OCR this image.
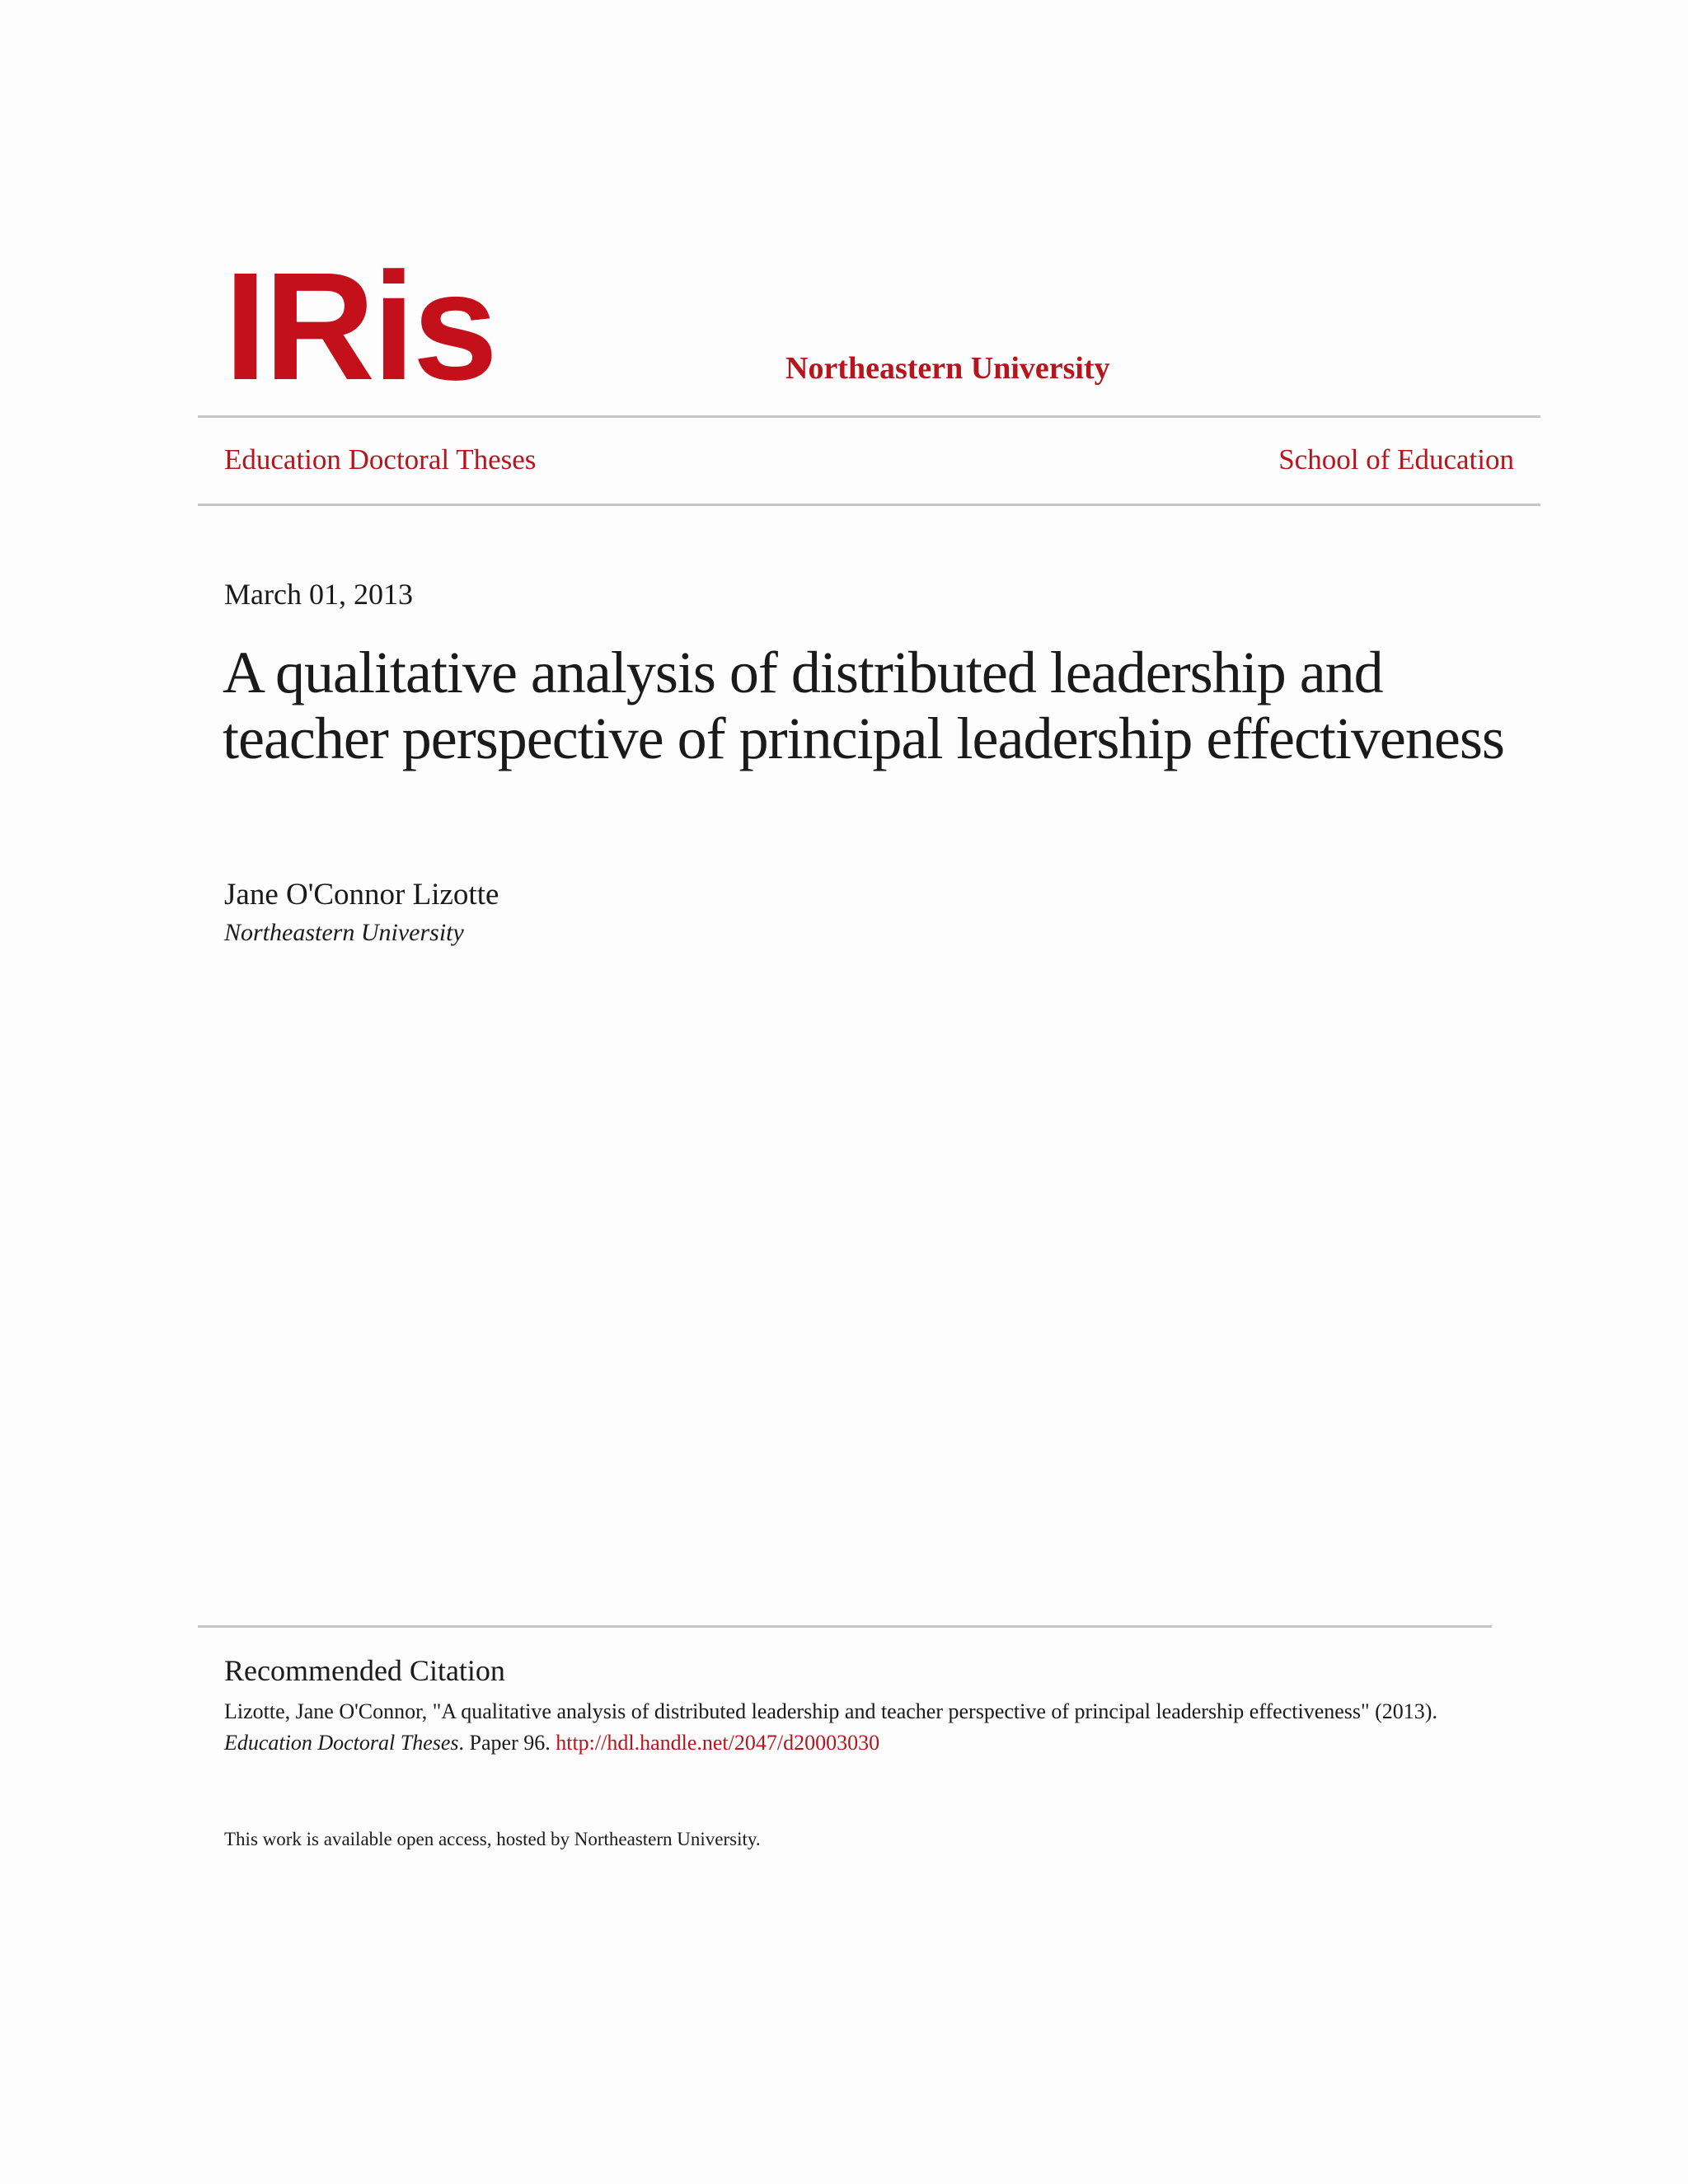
IRis	Northeastern University
Education Doctoral Theses	School of Education
March 01, 2013
A qualitative analysis of distributed leadership and teacher perspective of principal leadership effectiveness
Jane O'Connor Lizotte
Northeastern University
Recommended Citation
Lizotte, Jane O'Connor, "A qualitative analysis of distributed leadership and teacher perspective of principal leadership effectiveness" (2013). Education Doctoral Theses. Paper 96. http://hdl.handle.net/2047/d20003030
This work is available open access, hosted by Northeastern University.
